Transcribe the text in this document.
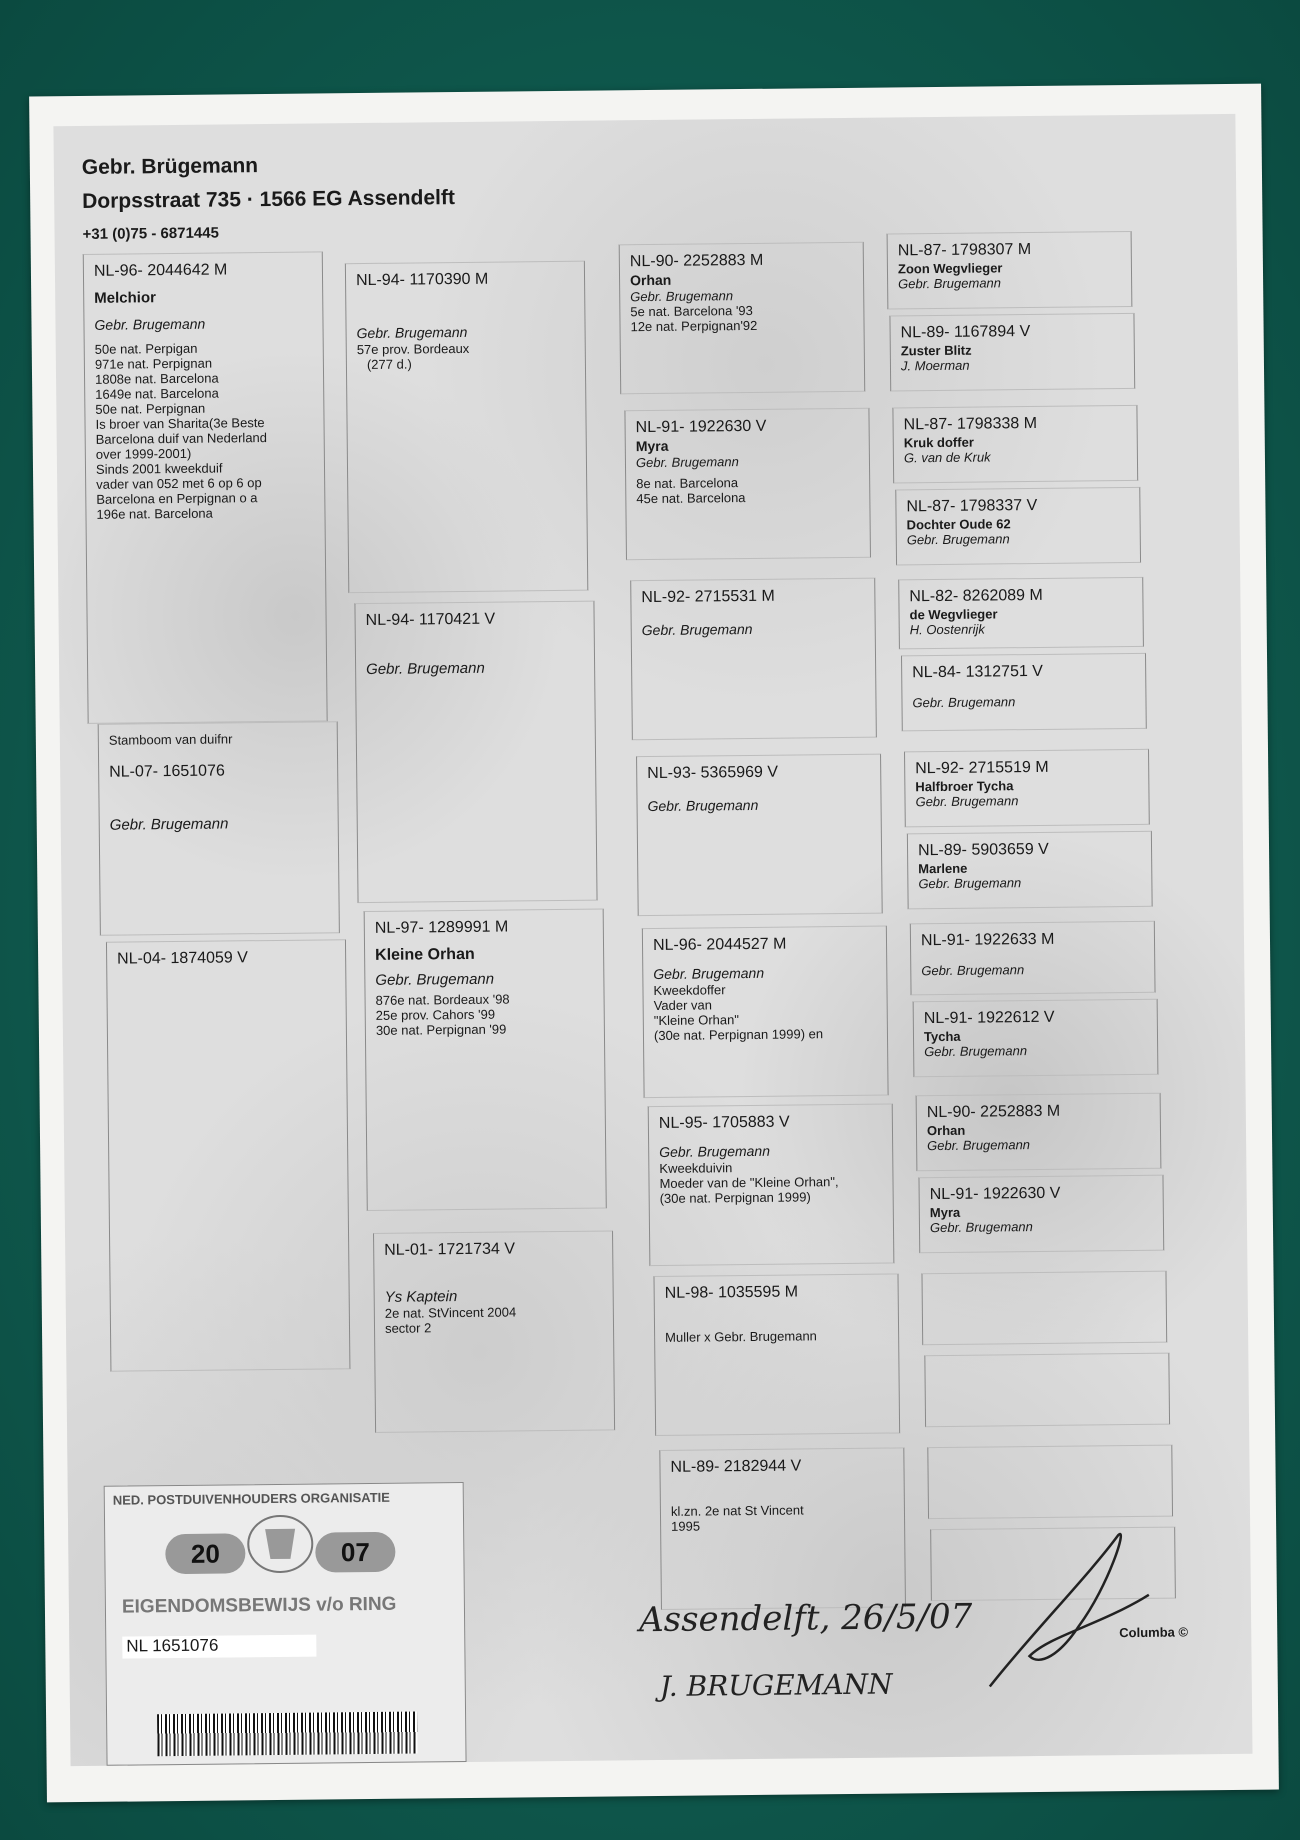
Gebr. Brügemann
Dorpsstraat 735 · 1566 EG Assendelft
+31 (0)75 - 6871445
NL-96- 2044642 M
Melchior
Gebr. Brugemann
50e nat. Perpigan
971e nat. Perpignan
1808e nat. Barcelona
1649e nat. Barcelona
50e nat. Perpignan
Is broer van Sharita(3e Beste
Barcelona duif van Nederland
over 1999-2001)
Sinds 2001 kweekduif
vader van 052 met 6 op 6 op
Barcelona en Perpignan o a
196e nat. Barcelona
Stamboom van duifnr
NL-07- 1651076
Gebr. Brugemann
NL-04- 1874059 V
NL-94- 1170390 M
Gebr. Brugemann
57e prov. Bordeaux
(277 d.)
NL-94- 1170421 V
Gebr. Brugemann
NL-97- 1289991 M
Kleine Orhan
Gebr. Brugemann
876e nat. Bordeaux '98
25e prov. Cahors '99
30e nat. Perpignan '99
NL-01- 1721734 V
Ys Kaptein
2e nat. StVincent 2004
sector 2
NL-90- 2252883 M
Orhan
Gebr. Brugemann
5e nat. Barcelona '93
12e nat. Perpignan'92
NL-91- 1922630 V
Myra
Gebr. Brugemann
8e nat. Barcelona
45e nat. Barcelona
NL-92- 2715531 M
Gebr. Brugemann
NL-93- 5365969 V
Gebr. Brugemann
NL-96- 2044527 M
Gebr. Brugemann
Kweekdoffer
Vader van
"Kleine Orhan"
(30e nat. Perpignan 1999) en
NL-95- 1705883 V
Gebr. Brugemann
Kweekduivin
Moeder van de "Kleine Orhan",
(30e nat. Perpignan 1999)
NL-98- 1035595 M
Muller x Gebr. Brugemann
NL-89- 2182944 V
kl.zn. 2e nat St Vincent
1995
NL-87- 1798307 M
Zoon Wegvlieger
Gebr. Brugemann
NL-89- 1167894 V
Zuster Blitz
J. Moerman
NL-87- 1798338 M
Kruk doffer
G. van de Kruk
NL-87- 1798337 V
Dochter Oude 62
Gebr. Brugemann
NL-82- 8262089 M
de Wegvlieger
H. Oostenrijk
NL-84- 1312751 V
Gebr. Brugemann
NL-92- 2715519 M
Halfbroer Tycha
Gebr. Brugemann
NL-89- 5903659 V
Marlene
Gebr. Brugemann
NL-91- 1922633 M
Gebr. Brugemann
NL-91- 1922612 V
Tycha
Gebr. Brugemann
NL-90- 2252883 M
Orhan
Gebr. Brugemann
NL-91- 1922630 V
Myra
Gebr. Brugemann
Assendelft, 26/5/07
J. BRUGEMANN
Columba ©
NED. POSTDUIVENHOUDERS ORGANISATIE
20	07
EIGENDOMSBEWIJS v/o RING
NL 1651076
